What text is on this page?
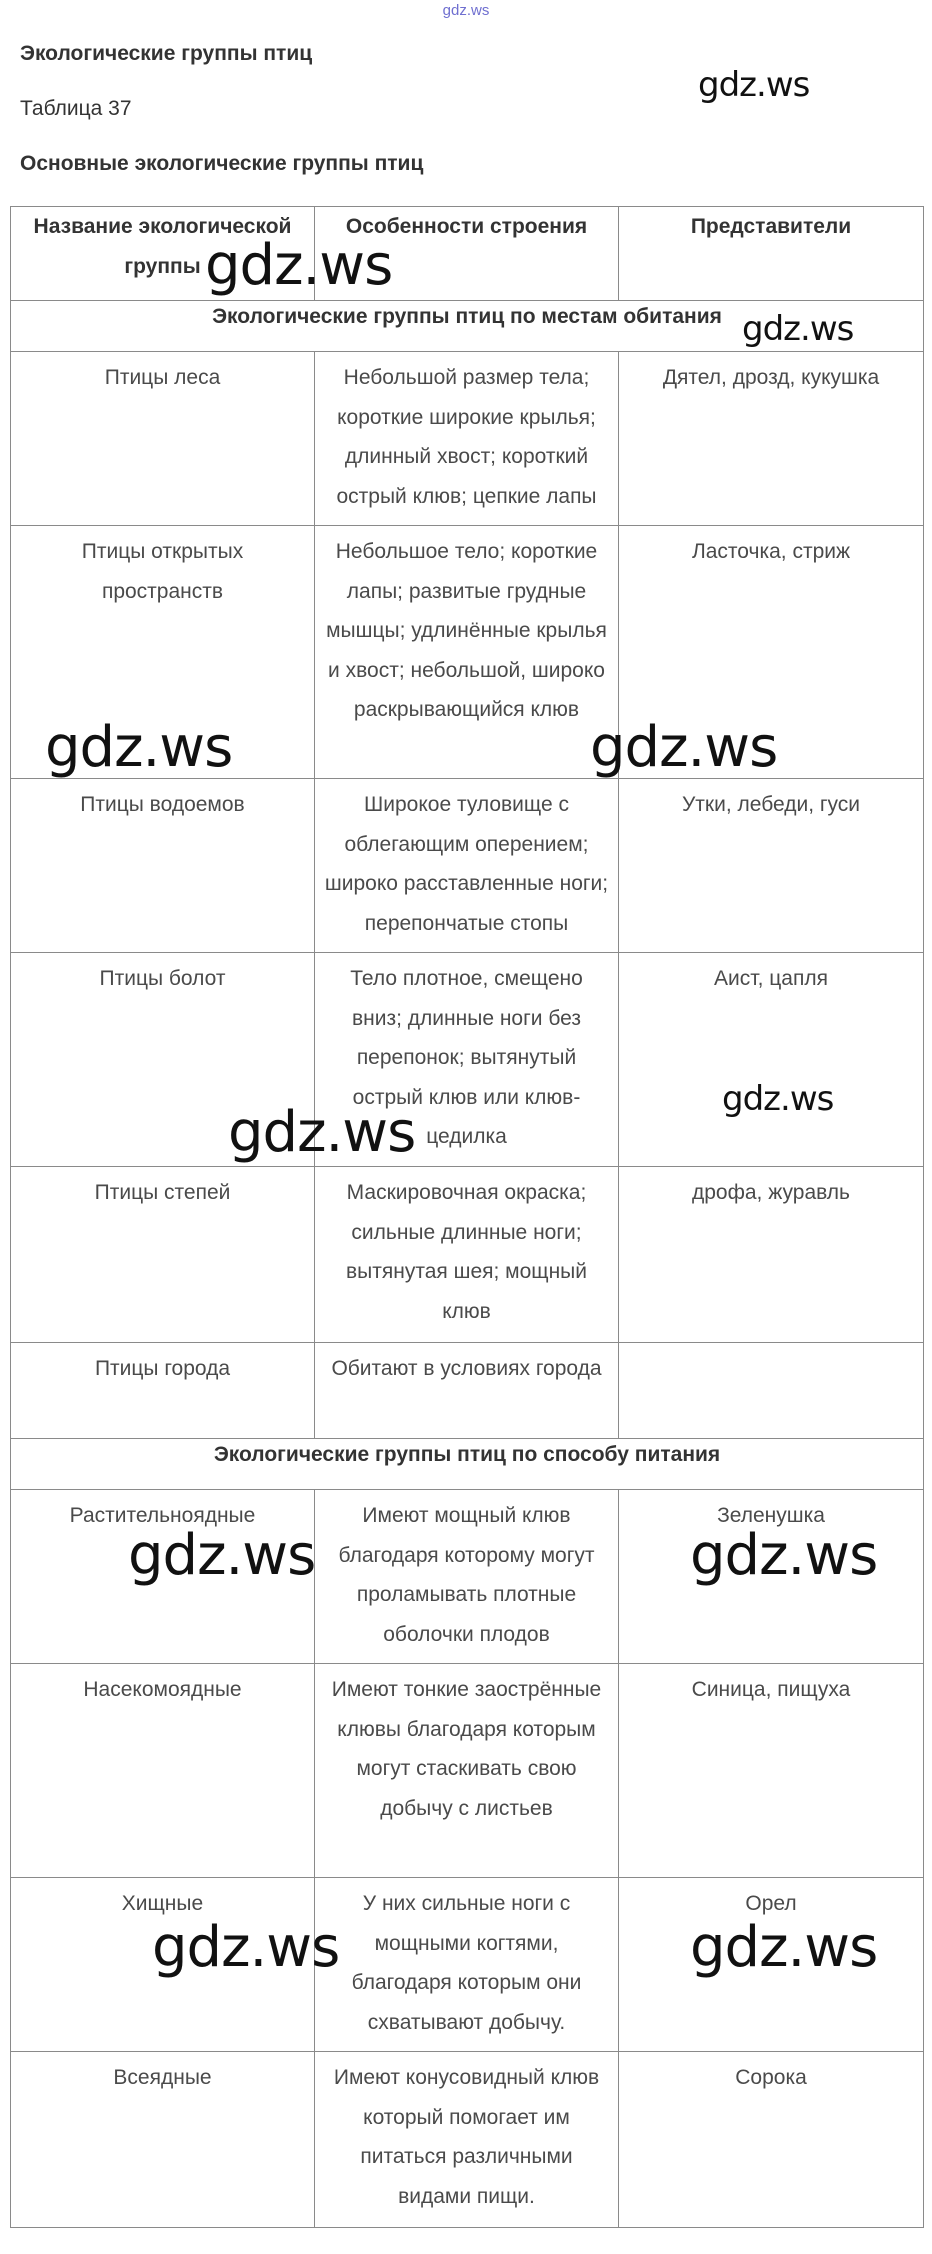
gdz.ws
Экологические группы птиц
Таблица 37
Основные экологические группы птиц
Название экологической группы	Особенности строения	Представители
Экологические группы птиц по местам обитания		
Птицы леса	Небольшой размер тела; короткие широкие крылья; длинный хвост; короткий острый клюв; цепкие лапы	Дятел, дрозд, кукушка
Птицы открытых пространств	Небольшое тело; короткие лапы; развитые грудные мышцы; удлинённые крылья и хвост; небольшой, широко раскрывающийся клюв	Ласточка, стриж
Птицы водоемов	Широкое туловище с облегающим оперением; широко расставленные ноги; перепончатые стопы	Утки, лебеди, гуси
Птицы болот	Тело плотное, смещено вниз; длинные ноги без перепонок; вытянутый острый клюв или клюв-цедилка	Аист, цапля
Птицы степей	Маскировочная окраска; сильные длинные ноги; вытянутая шея; мощный клюв	дрофа, журавль
Птицы города	Обитают в условиях города	
Экологические группы птиц по способу питания		
Растительноядные	Имеют мощный клюв благодаря которому могут проламывать плотные оболочки плодов	Зеленушка
Насекомоядные	Имеют тонкие заострённые клювы благодаря которым могут стаскивать свою добычу с листьев	Синица, пищуха
Хищные	У них сильные ноги с мощными когтями, благодаря которым они схватывают добычу.	Орел
Всеядные	Имеют конусовидный клюв который помогает им питаться различными видами пищи.	Сорока
gdz.ws
gdz.ws
gdz.ws
gdz.ws	gdz.ws
gdz.ws
gdz.ws
gdz.ws	gdz.ws
gdz.ws	gdz.ws
